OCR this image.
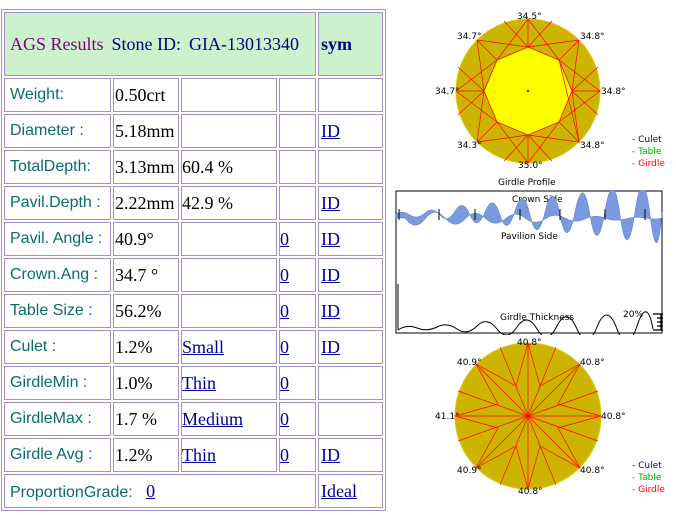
AGS Results Stone ID: GIA-13013340				sym
Weight:	0.50crt			
Diameter :	5.18mm			ID
TotalDepth:	3.13mm	60.4 %		
Pavil.Depth :	2.22mm	42.9 %		ID
Pavil. Angle :	40.9°		0	ID
Crown.Ang :	34.7 °		0	ID
Table Size :	56.2%		0	ID
Culet :	1.2%	Small	0	ID
GirdleMin :	1.0%	Thin	0	
GirdleMax :	1.7 %	Medium	0	
Girdle Avg :	1.2%	Thin	0	ID
ProportionGrade: 0				Ideal
34.5°
34.7°	34.8°
34.7°	34.8°
34.3°	34.8°
35.0°
- Culet
- Table
- Girdle
Girdle Profile
Crown Side
Pavilion Side
Girdle Thickness	20%
40.8°
40.9°	40.8°
41.1°	40.8°
40.9°	40.8°
40.8°
- Culet
- Table
- Girdle
